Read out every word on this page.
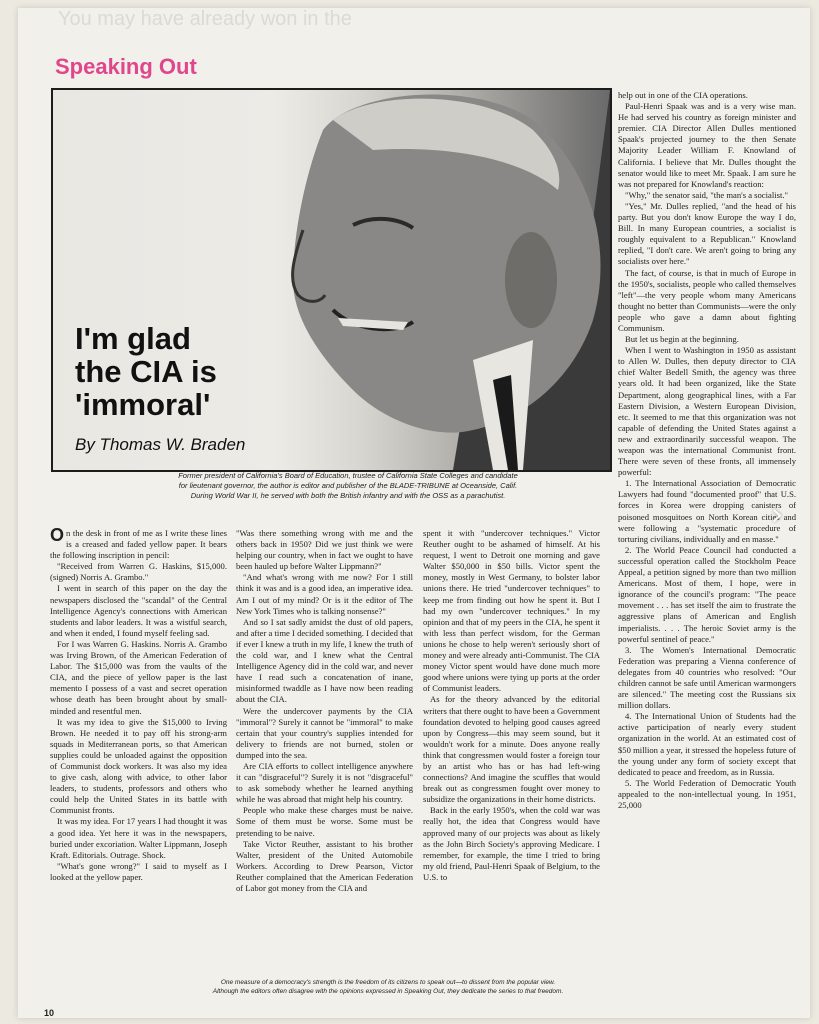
You may have already won in the
Speaking Out
I'm glad
the CIA is
'immoral'
By Thomas W. Braden
Former president of California's Board of Education, trustee of California State Colleges and candidate for lieutenant governor, the author is editor and publisher of the BLADE-TRIBUNE at Oceanside, Calif. During World War II, he served with both the British infantry and with the OSS as a parachutist.

On the desk in front of me as I write these lines is a creased and faded yellow paper. It bears the following inscription in pencil:

"Received from Warren G. Haskins, $15,000. (signed) Norris A. Grambo."

I went in search of this paper on the day the newspapers disclosed the "scandal" of the Central Intelligence Agency's connections with American students and labor leaders. It was a wistful search, and when it ended, I found myself feeling sad.

For I was Warren G. Haskins. Norris A. Grambo was Irving Brown, of the American Federation of Labor. The $15,000 was from the vaults of the CIA, and the piece of yellow paper is the last memento I possess of a vast and secret operation whose death has been brought about by small-minded and resentful men.

It was my idea to give the $15,000 to Irving Brown. He needed it to pay off his strong-arm squads in Mediterranean ports, so that American supplies could be unloaded against the opposition of Communist dock workers. It was also my idea to give cash, along with advice, to other labor leaders, to students, professors and others who could help the United States in its battle with Communist fronts.

It was my idea. For 17 years I had thought it was a good idea. Yet here it was in the newspapers, buried under excoriation. Walter Lippmann, Joseph Kraft. Editorials. Outrage. Shock.

"What's gone wrong?" I said to myself as I looked at the yellow paper.

"Was there something wrong with me and the others back in 1950? Did we just think we were helping our country, when in fact we ought to have been hauled up before Walter Lippmann?"

"And what's wrong with me now? For I still think it was and is a good idea, an imperative idea. Am I out of my mind? Or is it the editor of The New York Times who is talking nonsense?"

And so I sat sadly amidst the dust of old papers, and after a time I decided something. I decided that if ever I knew a truth in my life, I knew the truth of the cold war, and I knew what the Central Intelligence Agency did in the cold war, and never have I read such a concatenation of inane, misinformed twaddle as I have now been reading about the CIA.

Were the undercover payments by the CIA "immoral"? Surely it cannot be "immoral" to make certain that your country's supplies intended for delivery to friends are not burned, stolen or dumped into the sea.

Are CIA efforts to collect intelligence anywhere it can "disgraceful"? Surely it is not "disgraceful" to ask somebody whether he learned anything while he was abroad that might help his country.

People who make these charges must be naive. Some of them must be worse. Some must be pretending to be naive.

Take Victor Reuther, assistant to his brother Walter, president of the United Automobile Workers. According to Drew Pearson, Victor Reuther complained that the American Federation of Labor got money from the CIA and

spent it with "undercover techniques." Victor Reuther ought to be ashamed of himself. At his request, I went to Detroit one morning and gave Walter $50,000 in $50 bills. Victor spent the money, mostly in West Germany, to bolster labor unions there. He tried "undercover techniques" to keep me from finding out how he spent it. But I had my own "undercover techniques." In my opinion and that of my peers in the CIA, he spent it with less than perfect wisdom, for the German unions he chose to help weren't seriously short of money and were already anti-Communist. The CIA money Victor spent would have done much more good where unions were tying up ports at the order of Communist leaders.

As for the theory advanced by the editorial writers that there ought to have been a Government foundation devoted to helping good causes agreed upon by Congress—this may seem sound, but it wouldn't work for a minute. Does anyone really think that congressmen would foster a foreign tour by an artist who has or has had left-wing connections? And imagine the scuffles that would break out as congressmen fought over money to subsidize the organizations in their home districts.

Back in the early 1950's, when the cold war was really hot, the idea that Congress would have approved many of our projects was about as likely as the John Birch Society's approving Medicare. I remember, for example, the time I tried to bring my old friend, Paul-Henri Spaak of Belgium, to the U.S. to

help out in one of the CIA operations.

Paul-Henri Spaak was and is a very wise man. He had served his country as foreign minister and premier. CIA Director Allen Dulles mentioned Spaak's projected journey to the then Senate Majority Leader William F. Knowland of California. I believe that Mr. Dulles thought the senator would like to meet Mr. Spaak. I am sure he was not prepared for Knowland's reaction:

"Why," the senator said, "the man's a socialist."

"Yes," Mr. Dulles replied, "and the head of his party. But you don't know Europe the way I do, Bill. In many European countries, a socialist is roughly equivalent to a Republican." Knowland replied, "I don't care. We aren't going to bring any socialists over here."

The fact, of course, is that in much of Europe in the 1950's, socialists, people who called themselves "left"—the very people whom many Americans thought no better than Communists—were the only people who gave a damn about fighting Communism.

But let us begin at the beginning.

When I went to Washington in 1950 as assistant to Allen W. Dulles, then deputy director to CIA chief Walter Bedell Smith, the agency was three years old. It had been organized, like the State Department, along geographical lines, with a Far Eastern Division, a Western European Division, etc. It seemed to me that this organization was not capable of defending the United States against a new and extraordinarily successful weapon. The weapon was the international Communist front. There were seven of these fronts, all immensely powerful:

1. The International Association of Democratic Lawyers had found "documented proof" that U.S. forces in Korea were dropping canisters of poisoned mosquitoes on North Korean cities and were following a "systematic procedure of torturing civilians, individually and en masse."

2. The World Peace Council had conducted a successful operation called the Stockholm Peace Appeal, a petition signed by more than two million Americans. Most of them, I hope, were in ignorance of the council's program: "The peace movement . . . has set itself the aim to frustrate the aggressive plans of American and English imperialists. . . . The heroic Soviet army is the powerful sentinel of peace."

3. The Women's International Democratic Federation was preparing a Vienna conference of delegates from 40 countries who resolved: "Our children cannot be safe until American warmongers are silenced." The meeting cost the Russians six million dollars.

4. The International Union of Students had the active participation of nearly every student organization in the world. At an estimated cost of $50 million a year, it stressed the hopeless future of the young under any form of society except that dedicated to peace and freedom, as in Russia.

5. The World Federation of Democratic Youth appealed to the non-intellectual young. In 1951, 25,000

One measure of a democracy's strength is the freedom of its citizens to speak out—to dissent from the popular view. Although the editors often disagree with the opinions expressed in Speaking Out, they dedicate the series to that freedom.
10
›
